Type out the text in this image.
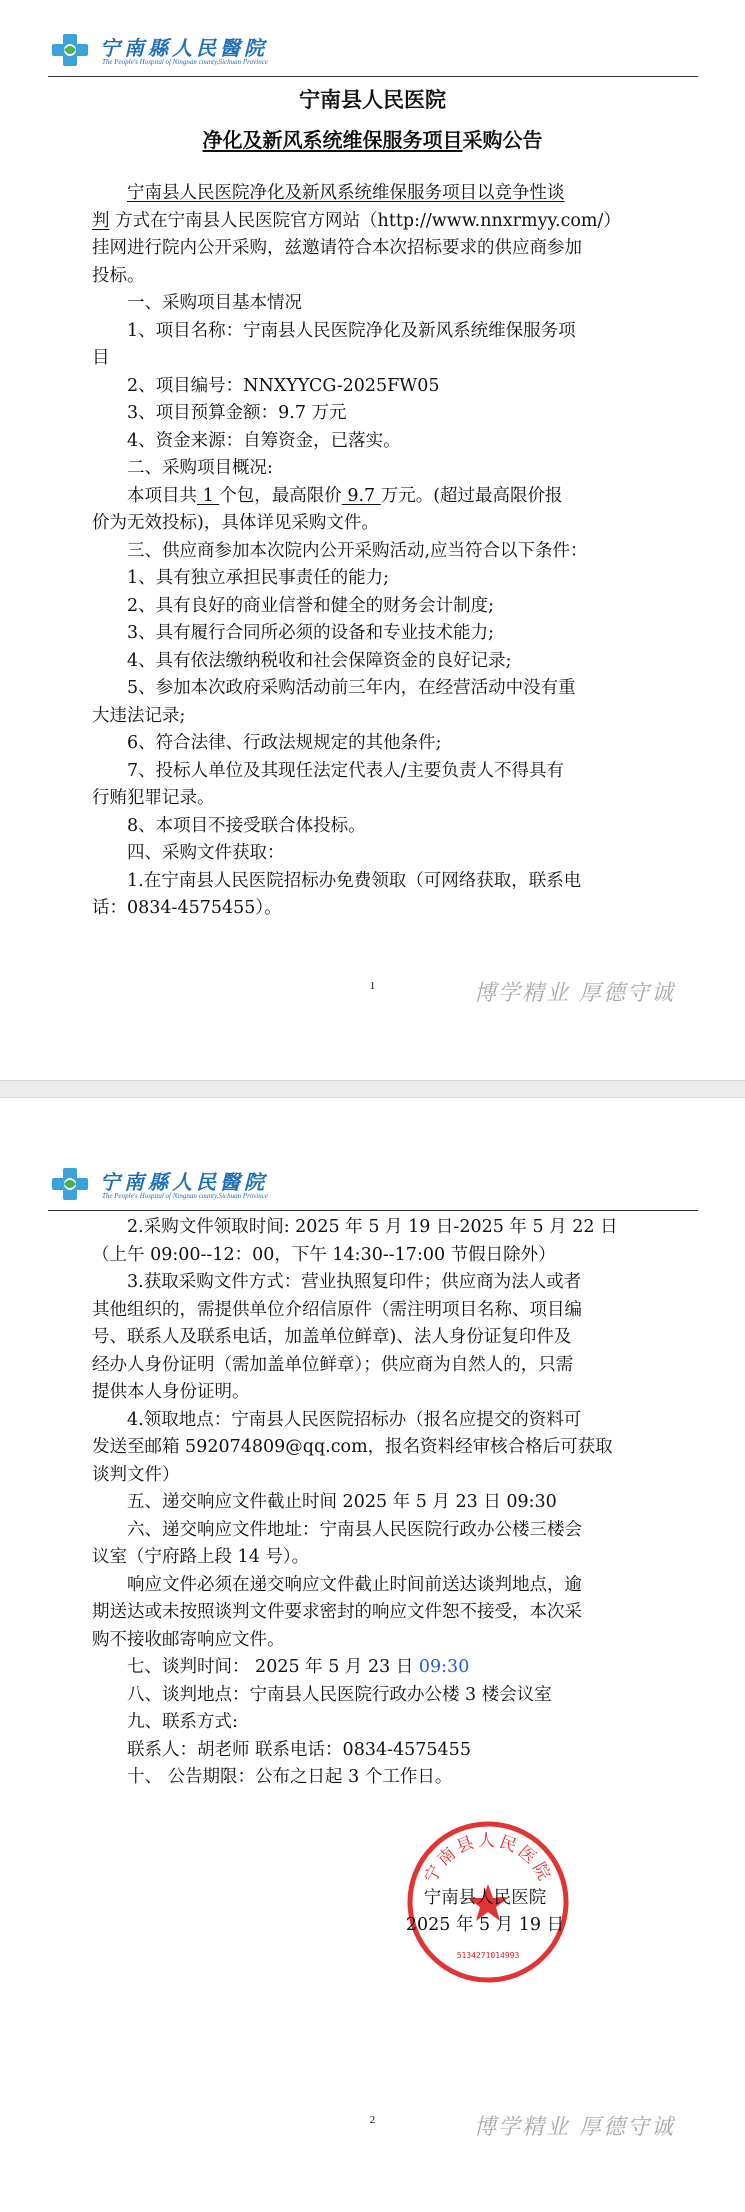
宁南縣人民醫院
The People's Hospital of Ningnan county,Sichuan Province
宁南县人民医院
净化及新风系统维保服务项目采购公告

宁南县人民医院净化及新风系统维保服务项目以竞争性谈

判 方式在宁南县人民医院官方网站（http://www.nnxrmyy.com/）

挂网进行院内公开采购，兹邀请符合本次招标要求的供应商参加

投标。

一、采购项目基本情况

1、项目名称：宁南县人民医院净化及新风系统维保服务项

目

2、项目编号：NNXYYCG-2025FW05

3、项目预算金额：9.7 万元

4、资金来源：自筹资金，已落实。

二、采购项目概况:

本项目共 1 个包，最高限价 9.7 万元。(超过最高限价报

价为无效投标)，具体详见采购文件。

三、供应商参加本次院内公开采购活动,应当符合以下条件：

1、具有独立承担民事责任的能力;

2、具有良好的商业信誉和健全的财务会计制度;

3、具有履行合同所必须的设备和专业技术能力;

4、具有依法缴纳税收和社会保障资金的良好记录;

5、参加本次政府采购活动前三年内，在经营活动中没有重

大违法记录;

6、符合法律、行政法规规定的其他条件;

7、投标人单位及其现任法定代表人/主要负责人不得具有

行贿犯罪记录。

8、本项目不接受联合体投标。

四、采购文件获取：

1.在宁南县人民医院招标办免费领取（可网络获取，联系电

话：0834-4575455）。

1	博学精业 厚德守诚
宁南縣人民醫院
The People's Hospital of Ningnan county,Sichuan Province

2.采购文件领取时间: 2025 年 5 月 19 日-2025 年 5 月 22 日

（上午 09:00--12：00，下午 14:30--17:00 节假日除外）

3.获取采购文件方式：营业执照复印件；供应商为法人或者

其他组织的，需提供单位介绍信原件（需注明项目名称、项目编

号、联系人及联系电话，加盖单位鲜章)、法人身份证复印件及

经办人身份证明（需加盖单位鲜章）；供应商为自然人的，只需

提供本人身份证明。

4.领取地点：宁南县人民医院招标办（报名应提交的资料可

发送至邮箱 592074809@qq.com，报名资料经审核合格后可获取

谈判文件）

五、递交响应文件截止时间 2025 年 5 月 23 日 09:30

六、递交响应文件地址：宁南县人民医院行政办公楼三楼会

议室（宁府路上段 14 号）。

响应文件必须在递交响应文件截止时间前送达谈判地点，逾

期送达或未按照谈判文件要求密封的响应文件恕不接受，本次采

购不接收邮寄响应文件。

七、谈判时间： 2025 年 5 月 23 日 09:30

八、谈判地点：宁南县人民医院行政办公楼 3 楼会议室

九、联系方式:

联系人：胡老师 联系电话：0834-4575455

十、 公告期限：公布之日起 3 个工作日。

宁南县人民医院
5134271014993
宁南县人民医院
2025 年 5 月 19 日
2	博学精业 厚德守诚
